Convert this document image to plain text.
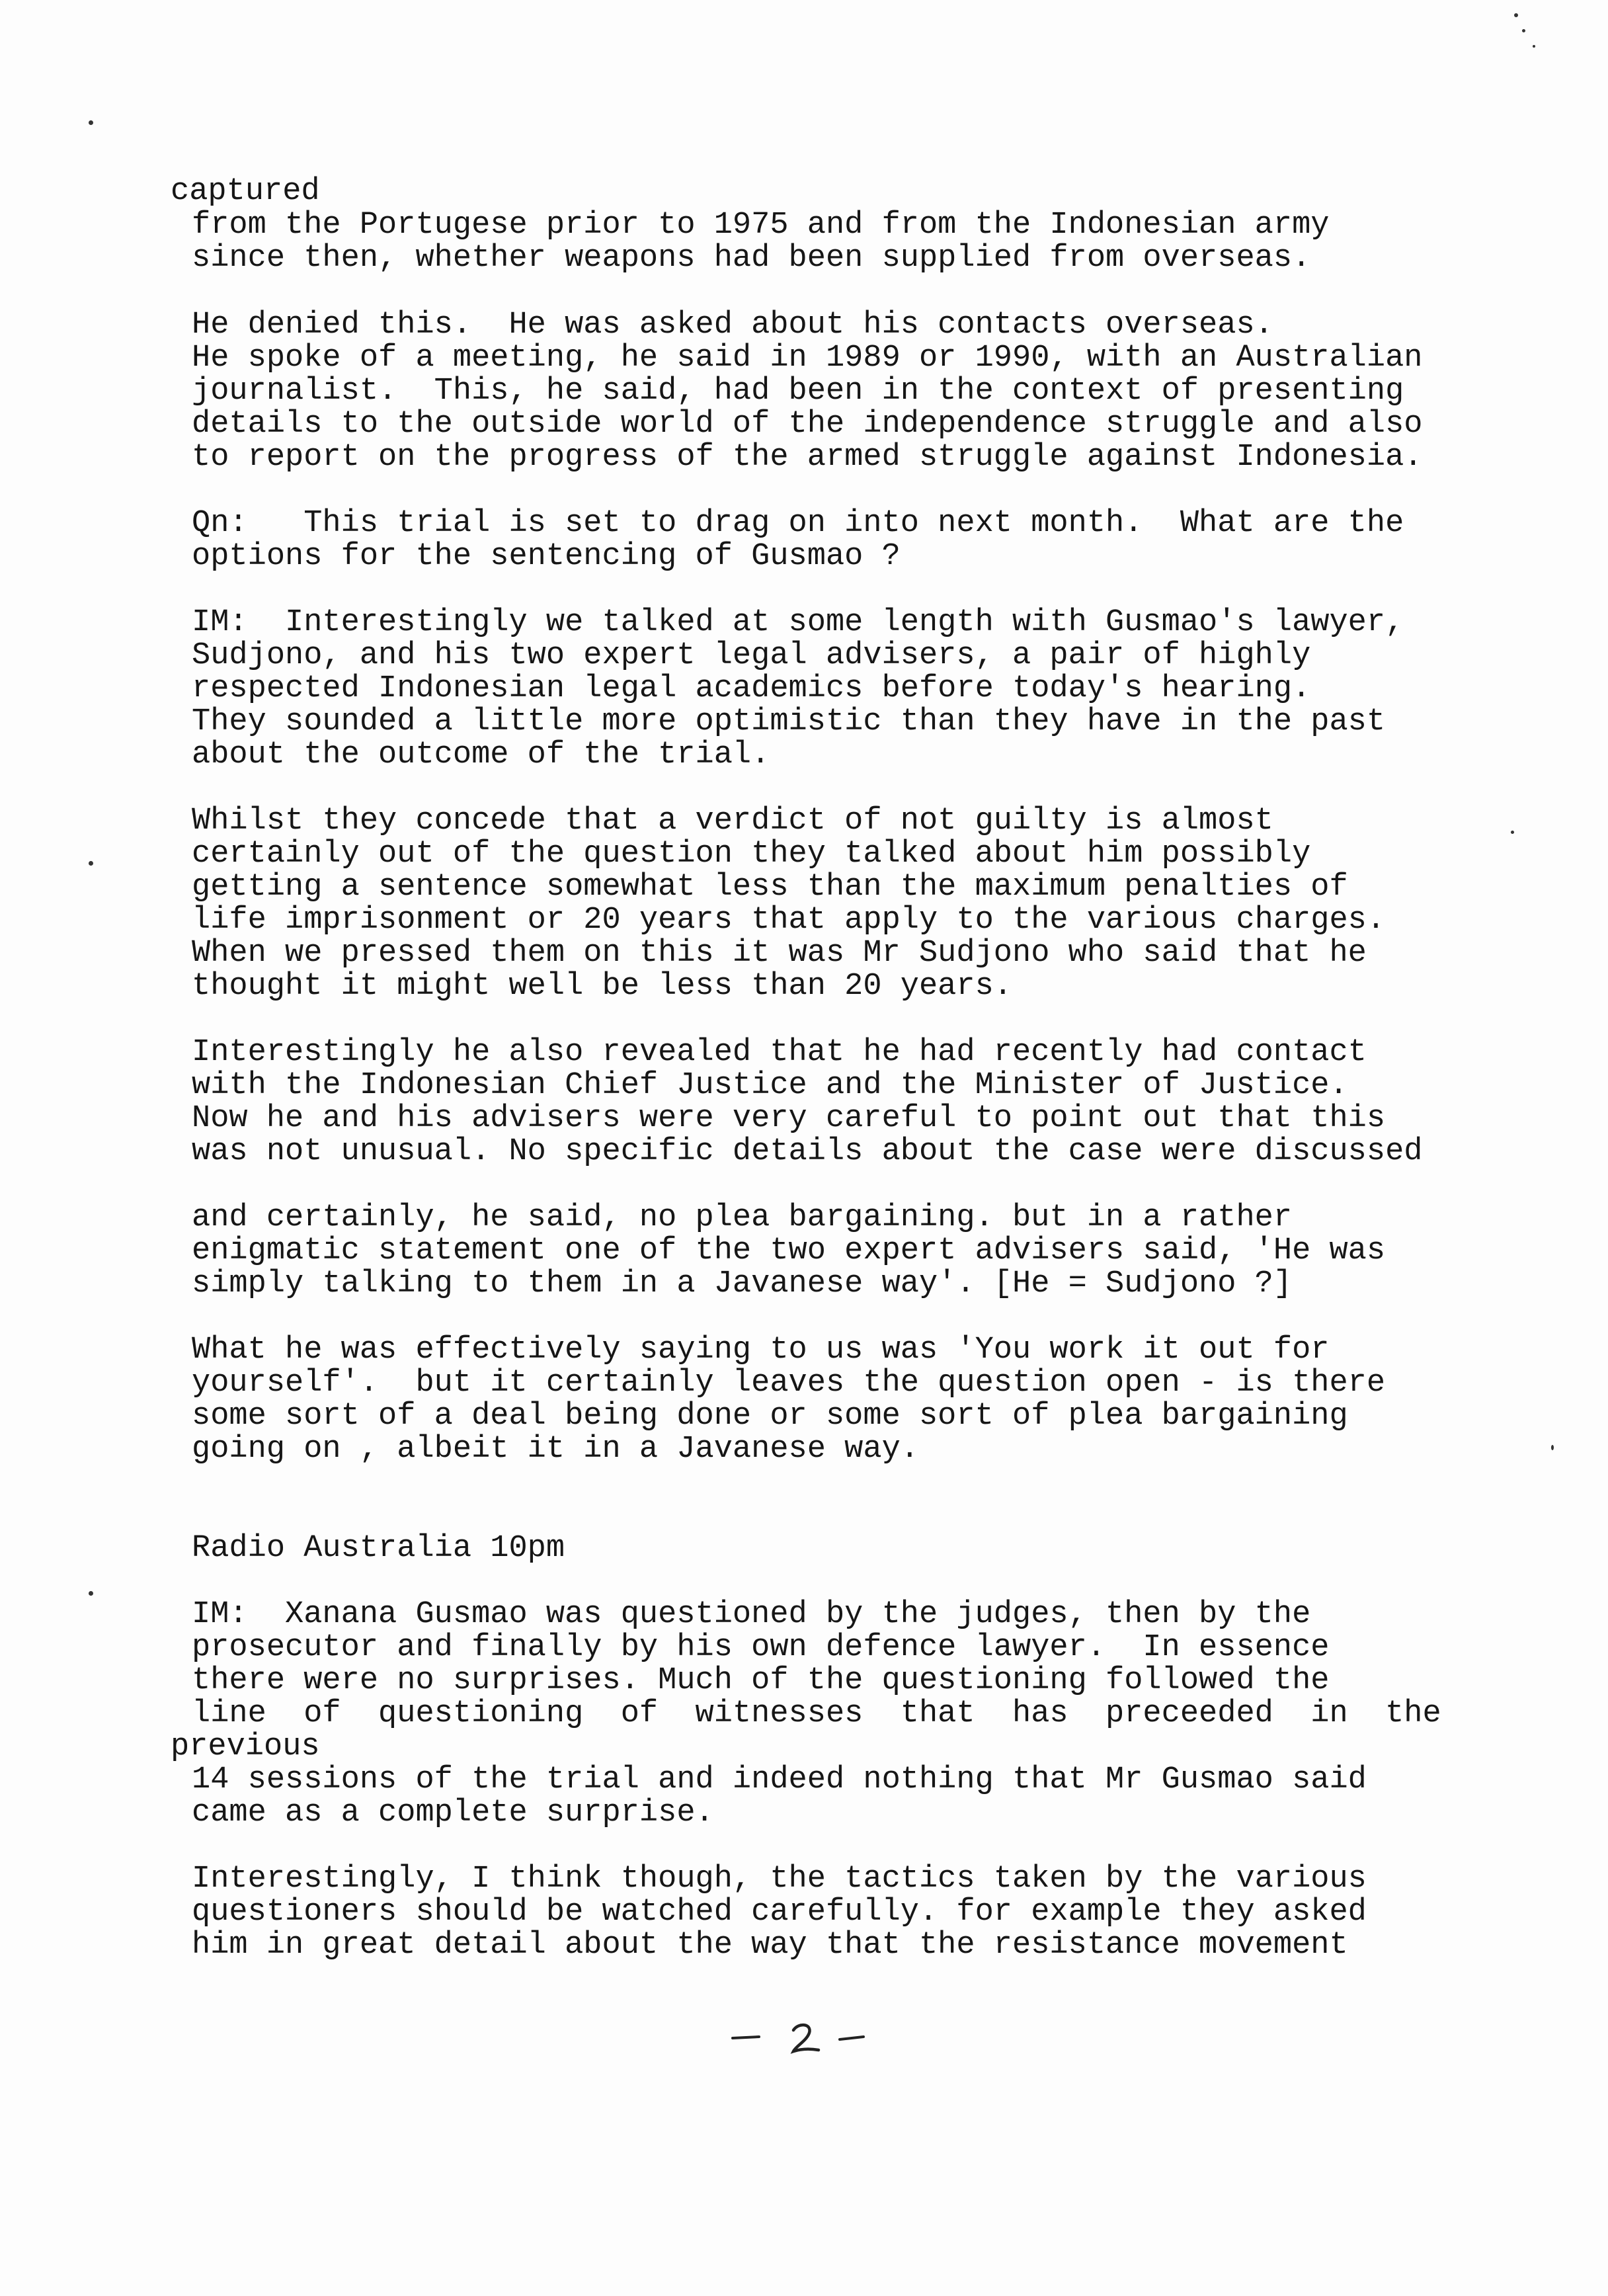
captured
from the Portugese prior to 1975 and from the Indonesian army
since then, whether weapons had been supplied from overseas.
He denied this.  He was asked about his contacts overseas.
He spoke of a meeting, he said in 1989 or 1990, with an Australian
journalist.  This, he said, had been in the context of presenting
details to the outside world of the independence struggle and also
to report on the progress of the armed struggle against Indonesia.
Qn:   This trial is set to drag on into next month.  What are the
options for the sentencing of Gusmao ?
IM:  Interestingly we talked at some length with Gusmao's lawyer,
Sudjono, and his two expert legal advisers, a pair of highly
respected Indonesian legal academics before today's hearing.
They sounded a little more optimistic than they have in the past
about the outcome of the trial.
Whilst they concede that a verdict of not guilty is almost
certainly out of the question they talked about him possibly
getting a sentence somewhat less than the maximum penalties of
life imprisonment or 20 years that apply to the various charges.
When we pressed them on this it was Mr Sudjono who said that he
thought it might well be less than 20 years.
Interestingly he also revealed that he had recently had contact
with the Indonesian Chief Justice and the Minister of Justice.
Now he and his advisers were very careful to point out that this
was not unusual. No specific details about the case were discussed
and certainly, he said, no plea bargaining. but in a rather
enigmatic statement one of the two expert advisers said, 'He was
simply talking to them in a Javanese way'. [He = Sudjono ?]
What he was effectively saying to us was 'You work it out for
yourself'.  but it certainly leaves the question open - is there
some sort of a deal being done or some sort of plea bargaining
going on , albeit it in a Javanese way.
Radio Australia 10pm
IM:  Xanana Gusmao was questioned by the judges, then by the
prosecutor and finally by his own defence lawyer.  In essence
there were no surprises. Much of the questioning followed the
line  of  questioning  of  witnesses  that  has  preceeded  in  the
previous
14 sessions of the trial and indeed nothing that Mr Gusmao said
came as a complete surprise.
Interestingly, I think though, the tactics taken by the various
questioners should be watched carefully. for example they asked
him in great detail about the way that the resistance movement
